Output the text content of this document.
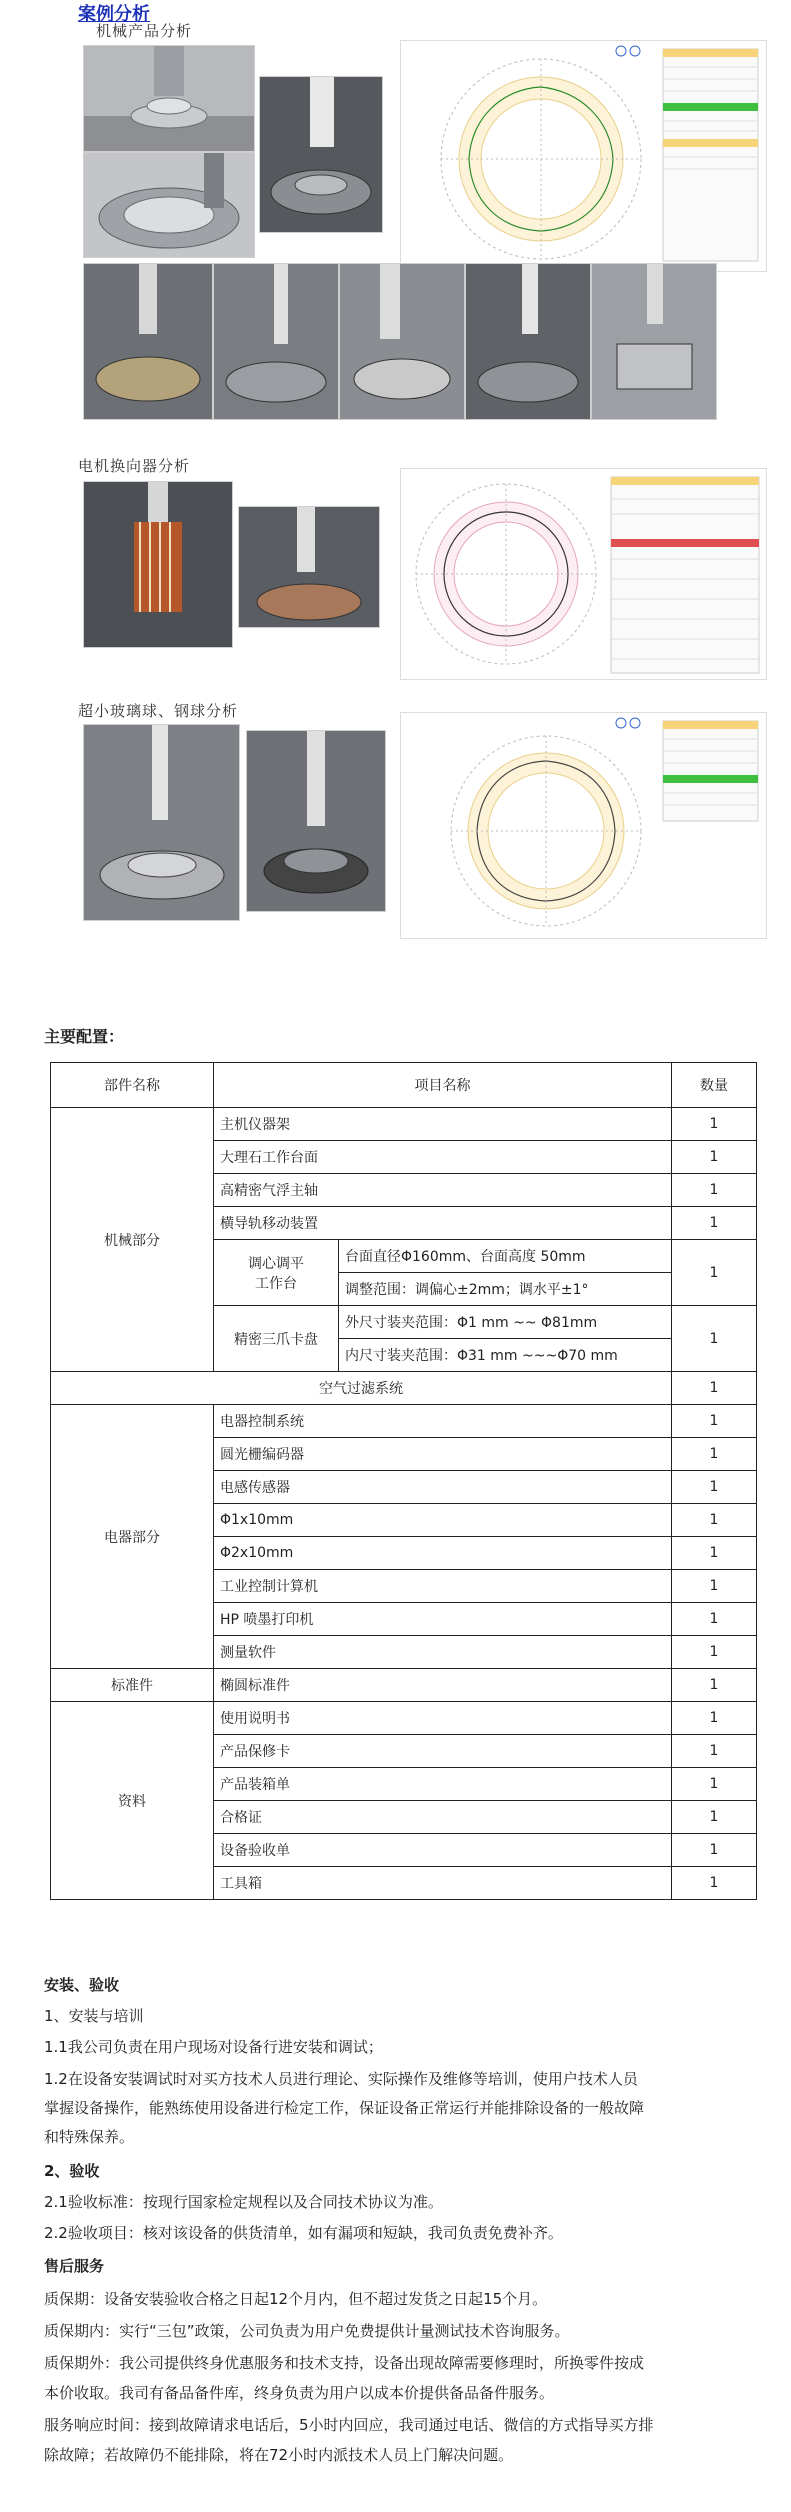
案例分析
机械产品分析
电机换向器分析
超小玻璃球、钢球分析
主要配置：
部件名称	项目名称		数量
机械部分	主机仪器架		1
	大理石工作台面		1
	高精密气浮主轴		1
	横导轨移动装置		1

	调心调平
工作台	台面直径Φ160mm、台面高度 50mm	1
		调整范围：调偏心±2mm；调水平±1°	
	精密三爪卡盘	外尺寸装夹范围：Φ1 mm ~~ Φ81mm	1
		内尺寸装夹范围：Φ31 mm ~~~Φ70 mm	
空气过滤系统			1
电器部分	电器控制系统		1
	圆光栅编码器		1
	电感传感器		1
	Φ1x10mm		1
	Φ2x10mm		1
	工业控制计算机		1
	HP 喷墨打印机		1
	测量软件		1
标准件	椭圆标准件		1
资料	使用说明书		1
	产品保修卡		1
	产品装箱单		1
	合格证		1
	设备验收单		1
	工具箱		1
安装、验收
1、安装与培训
1.1我公司负责在用户现场对设备行进安装和调试；
1.2在设备安装调试时对买方技术人员进行理论、实际操作及维修等培训，使用户技术人员
掌握设备操作，能熟练使用设备进行检定工作，保证设备正常运行并能排除设备的一般故障
和特殊保养。
2、验收
2.1验收标准：按现行国家检定规程以及合同技术协议为准。
2.2验收项目：核对该设备的供货清单，如有漏项和短缺，我司负责免费补齐。
售后服务
质保期：设备安装验收合格之日起12个月内，但不超过发货之日起15个月。
质保期内：实行“三包”政策，公司负责为用户免费提供计量测试技术咨询服务。
质保期外：我公司提供终身优惠服务和技术支持，设备出现故障需要修理时，所换零件按成
本价收取。我司有备品备件库，终身负责为用户以成本价提供备品备件服务。
服务响应时间：接到故障请求电话后，5小时内回应，我司通过电话、微信的方式指导买方排
除故障；若故障仍不能排除，将在72小时内派技术人员上门解决问题。
